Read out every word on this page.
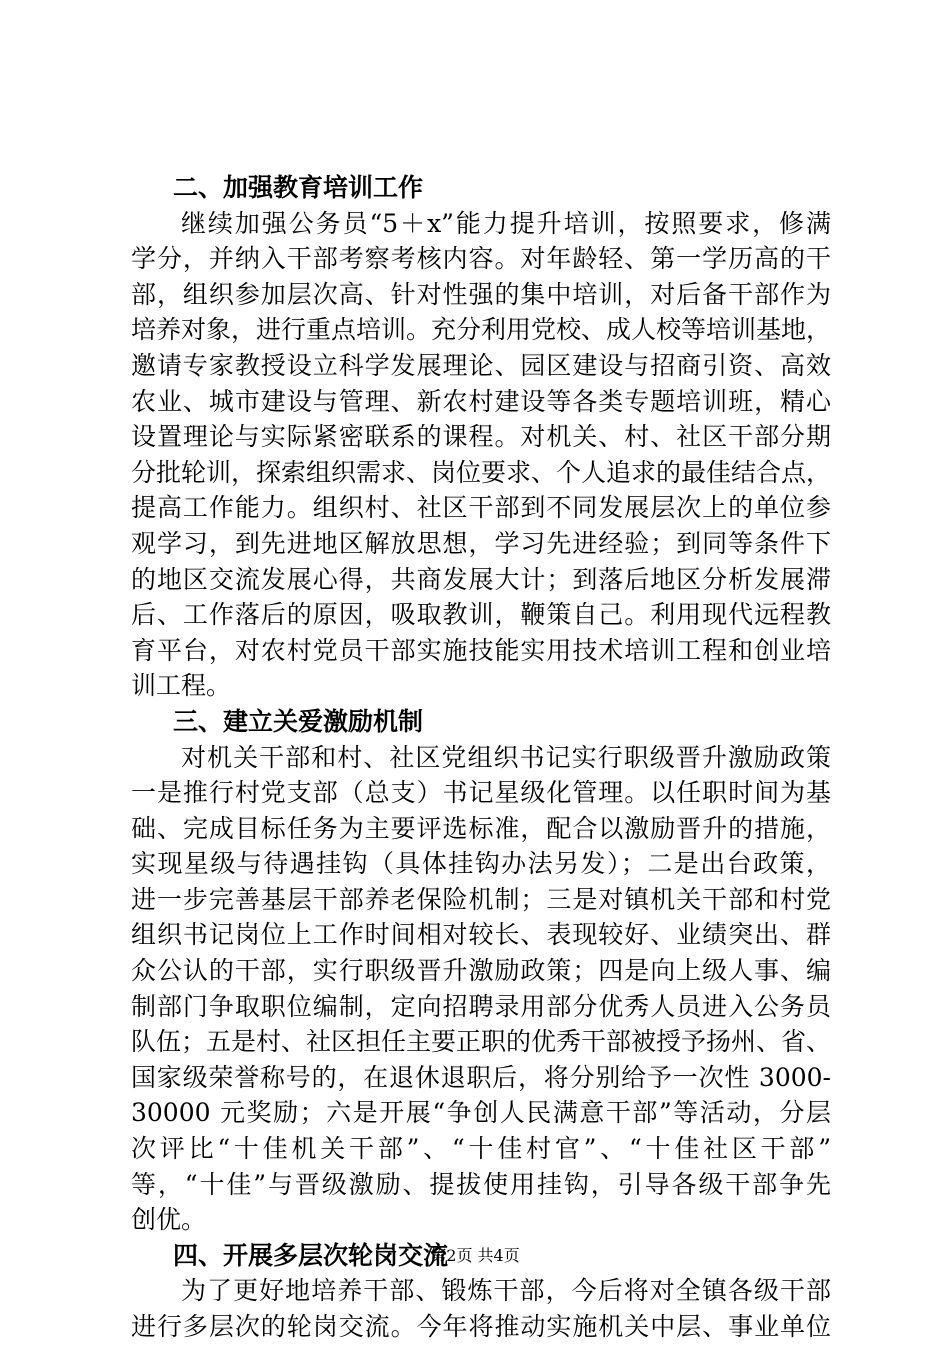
二、加强教育培训工作
继续加强公务员“5＋x”能力提升培训，按照要求，修满
学分，并纳入干部考察考核内容。对年龄轻、第一学历高的干
部，组织参加层次高、针对性强的集中培训，对后备干部作为
培养对象，进行重点培训。充分利用党校、成人校等培训基地，
邀请专家教授设立科学发展理论、园区建设与招商引资、高效
农业、城市建设与管理、新农村建设等各类专题培训班，精心
设置理论与实际紧密联系的课程。对机关、村、社区干部分期
分批轮训，探索组织需求、岗位要求、个人追求的最佳结合点，
提高工作能力。组织村、社区干部到不同发展层次上的单位参
观学习，到先进地区解放思想，学习先进经验；到同等条件下
的地区交流发展心得，共商发展大计；到落后地区分析发展滞
后、工作落后的原因，吸取教训，鞭策自己。利用现代远程教
育平台，对农村党员干部实施技能实用技术培训工程和创业培
训工程。
三、建立关爱激励机制
对机关干部和村、社区党组织书记实行职级晋升激励政策
一是推行村党支部（总支）书记星级化管理。以任职时间为基
础、完成目标任务为主要评选标准，配合以激励晋升的措施，
实现星级与待遇挂钩（具体挂钩办法另发）；二是出台政策，
进一步完善基层干部养老保险机制；三是对镇机关干部和村党
组织书记岗位上工作时间相对较长、表现较好、业绩突出、群
众公认的干部，实行职级晋升激励政策；四是向上级人事、编
制部门争取职位编制，定向招聘录用部分优秀人员进入公务员
队伍；五是村、社区担任主要正职的优秀干部被授予扬州、省、
国家级荣誉称号的，在退休退职后，将分别给予一次性 3000-
30000 元奖励；六是开展“争创人民满意干部”等活动，分层
次评比“十佳机关干部”、“十佳村官”、“十佳社区干部”
等，“十佳”与晋级激励、提拔使用挂钩，引导各级干部争先
创优。
四、开展多层次轮岗交流
为了更好地培养干部、锻炼干部，今后将对全镇各级干部
进行多层次的轮岗交流。今年将推动实施机关中层、事业单位
第2页 共4页
